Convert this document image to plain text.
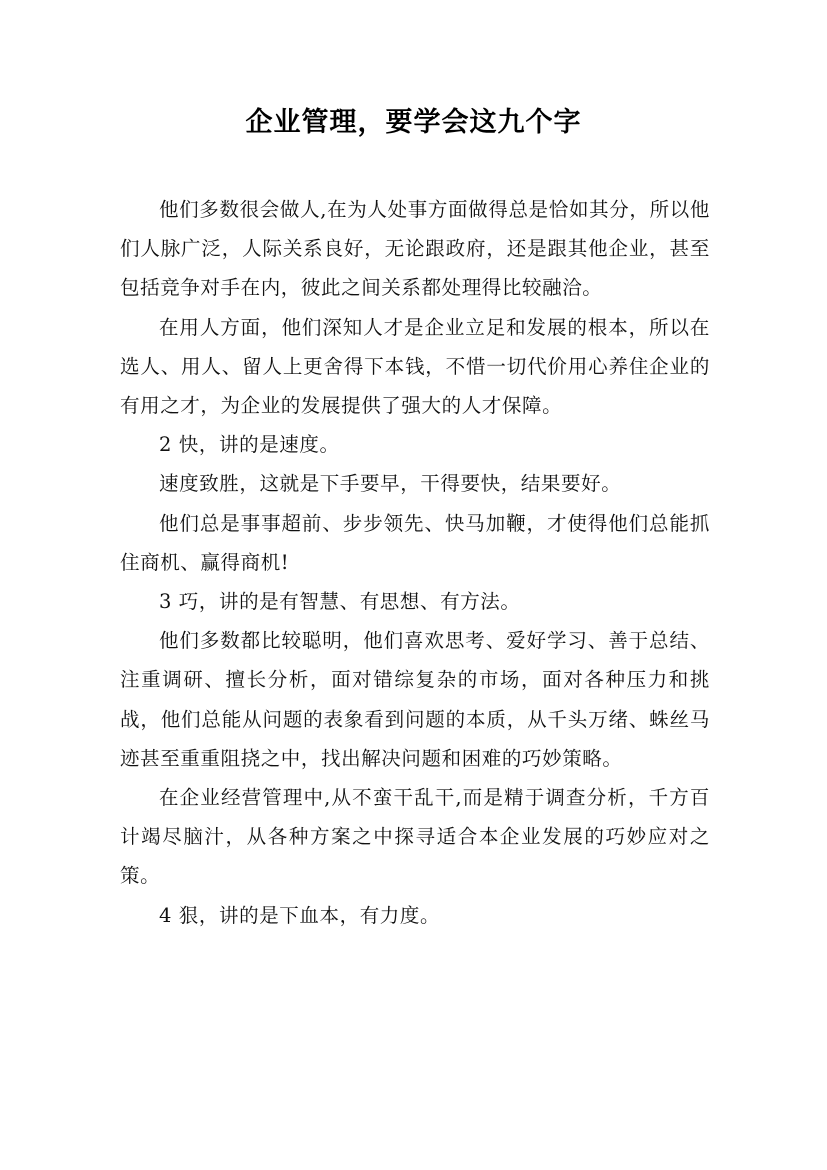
企业管理，要学会这九个字

他们多数很会做人,在为人处事方面做得总是恰如其分，所以他们人脉广泛，人际关系良好，无论跟政府，还是跟其他企业，甚至包括竞争对手在内，彼此之间关系都处理得比较融洽。

在用人方面，他们深知人才是企业立足和发展的根本，所以在选人、用人、留人上更舍得下本钱，不惜一切代价用心养住企业的有用之才，为企业的发展提供了强大的人才保障。

2 快，讲的是速度。

速度致胜，这就是下手要早，干得要快，结果要好。

他们总是事事超前、步步领先、快马加鞭，才使得他们总能抓住商机、赢得商机!

3 巧，讲的是有智慧、有思想、有方法。

他们多数都比较聪明，他们喜欢思考、爱好学习、善于总结、注重调研、擅长分析，面对错综复杂的市场，面对各种压力和挑战，他们总能从问题的表象看到问题的本质，从千头万绪、蛛丝马迹甚至重重阻挠之中，找出解决问题和困难的巧妙策略。

在企业经营管理中,从不蛮干乱干,而是精于调查分析，千方百计竭尽脑汁，从各种方案之中探寻适合本企业发展的巧妙应对之策。

4 狠，讲的是下血本，有力度。
